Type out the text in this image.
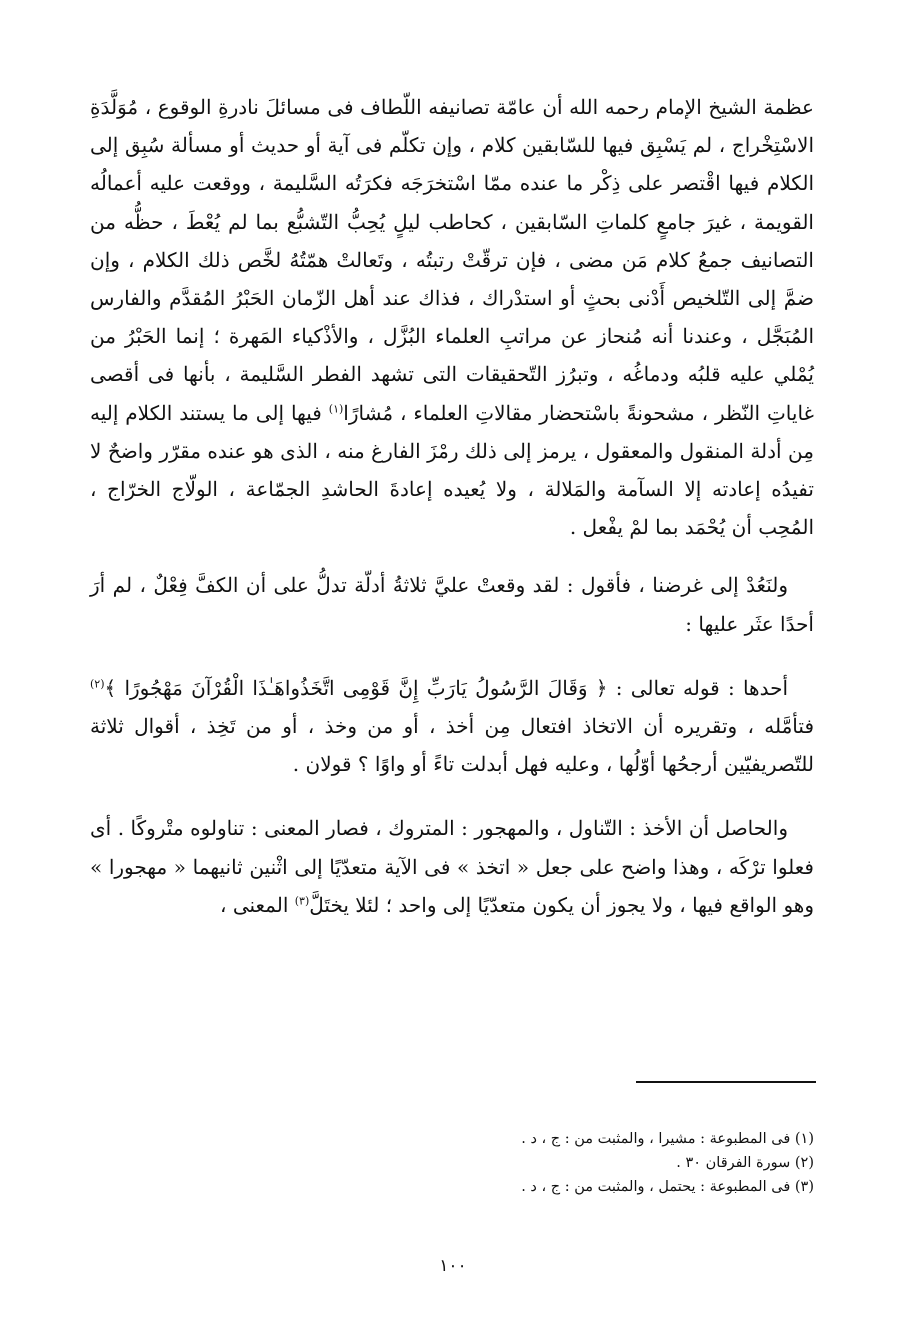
عظمة الشيخ الإمام رحمه الله أن عامّة تصانيفه اللّطاف فى مسائلَ نادرةِ الوقوع ، مُوَلَّدَةِ الاسْتِخْراج ، لم يَسْبِق فيها للسّابقين كلام ، وإن تكلّم فى آية أو حديث أو مسألة سُبِق إلى الكلام فيها اقْتصر على ذِكْر ما عنده ممّا اسْتخرَجَه فكرَتُه السَّليمة ، ووقعت عليه أعمالُه القويمة ، غيرَ جامعٍ كلماتِ السّابقين ، كحاطب ليلٍ يُحِبُّ التّشبُّع بما لم يُعْطَ ، حظُّه من التصانيف جمعُ كلام مَن مضى ، فإن ترقّتْ رتبتُه ، وتَعالتْ همّتُهُ لخَّص ذلك الكلام ، وإن ضمَّ إلى التّلخيص أَدْنى بحثٍ أو استدْراك ، فذاك عند أهل الزّمان الحَبْرُ المُقدَّم والفارس المُبَجَّل ، وعندنا أنه مُنحاز عن مراتبِ العلماء البُزَّل ، والأذْكياء المَهرة ؛ إنما الحَبْرُ من يُمْلي عليه قلبُه ودماغُه ، وتبرُز التّحقيقات التى تشهد الفطر السَّليمة ، بأنها فى أقصى غاياتِ النّظر ، مشحونةً باسْتحضار مقالاتِ العلماء ، مُشارًا$^{(١)}$ فيها إلى ما يستند الكلام إليه مِن أدلة المنقول والمعقول ، يرمز إلى ذلك رمْزَ الفارغ منه ، الذى هو عنده مقرّر واضحٌ لا تفيدُه إعادته إلا السآمة والمَلالة ، ولا يُعيده إعادةَ الحاشدِ الجمّاعة ، الولّاج الخرّاج ، المُحِب أن يُحْمَد بما لمْ يفْعل .

ولنَعُدْ إلى غرضنا ، فأقول : لقد وقعتْ عليَّ ثلاثةُ أدلّة تدلُّ على أن الكفَّ فِعْلٌ ، لم أرَ أحدًا عثَر عليها :

أحدها : قوله تعالى : ﴿ وَقَالَ الرَّسُولُ يَارَبِّ إِنَّ قَوْمِى اتَّخَذُواهَـٰذَا الْقُرْآنَ مَهْجُورًا ﴾$^{(٢)}$ فتأمَّله ، وتقريره أن الاتخاذ افتعال مِن أخذ ، أو من وخذ ، أو من تَخِذ ، أقوال ثلاثة للتّصريفيّين أرجحُها أوّلُها ، وعليه فهل أبدلت تاءً أو واوًا ؟ قولان .

والحاصل أن الأخذ : التّناول ، والمهجور : المتروك ، فصار المعنى : تناولوه متْروكًا . أى فعلوا ترْكَه ، وهذا واضح على جعل « اتخذ » فى الآية متعدّيًا إلى اثْنين ثانيهما « مهجورا » وهو الواقع فيها ، ولا يجوز أن يكون متعدّيًا إلى واحد ؛ لئلا يختَلَّ$^{(٣)}$ المعنى ،

(١) فى المطبوعة : مشيرا ، والمثبت من : ج ، د .
(٢) سورة الفرقان ٣٠ .
(٣) فى المطبوعة : يحتمل ، والمثبت من : ج ، د .
١٠٠
